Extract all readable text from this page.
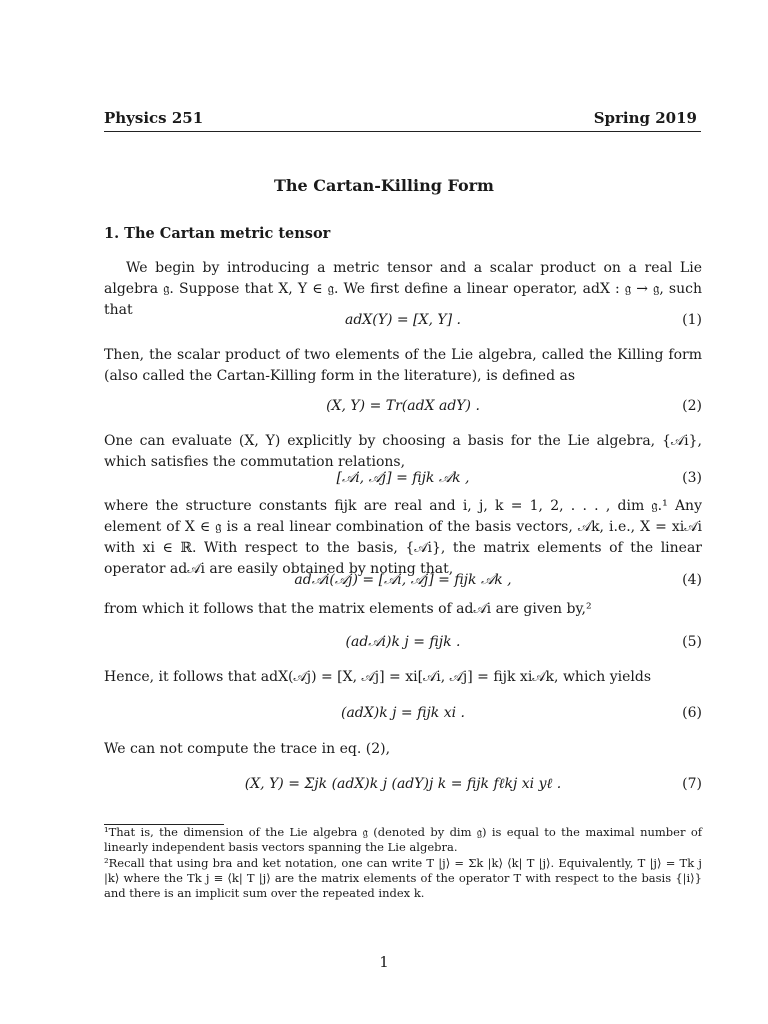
Physics 251	Spring 2019
The Cartan-Killing Form
1. The Cartan metric tensor
We begin by introducing a metric tensor and a scalar product on a real Lie algebra 𝔤. Suppose that X, Y ∈ 𝔤. We first define a linear operator, adX : 𝔤 → 𝔤, such that
adX(Y) = [X, Y] .	(1)
Then, the scalar product of two elements of the Lie algebra, called the Killing form (also called the Cartan-Killing form in the literature), is defined as
(X, Y) = Tr(adX adY) .	(2)
One can evaluate (X, Y) explicitly by choosing a basis for the Lie algebra, {𝒜i}, which satisfies the commutation relations,
[𝒜i, 𝒜j] = fijk 𝒜k ,	(3)
where the structure constants fijk are real and i, j, k = 1, 2, . . . , dim 𝔤.¹ Any element of X ∈ 𝔤 is a real linear combination of the basis vectors, 𝒜k, i.e., X = xi𝒜i with xi ∈ ℝ. With respect to the basis, {𝒜i}, the matrix elements of the linear operator ad𝒜i are easily obtained by noting that,
ad𝒜i(𝒜j) = [𝒜i, 𝒜j] = fijk 𝒜k ,	(4)
from which it follows that the matrix elements of ad𝒜i are given by,²
(ad𝒜i)k j = fijk .	(5)
Hence, it follows that adX(𝒜j) = [X, 𝒜j] = xi[𝒜i, 𝒜j] = fijk xi𝒜k, which yields
(adX)k j = fijk xi .	(6)
We can not compute the trace in eq. (2),
(X, Y) = Σjk (adX)k j (adY)j k = fijk fℓkj xi yℓ .	(7)
¹That is, the dimension of the Lie algebra 𝔤 (denoted by dim 𝔤) is equal to the maximal number of linearly independent basis vectors spanning the Lie algebra.
²Recall that using bra and ket notation, one can write T |j⟩ = Σk |k⟩ ⟨k| T |j⟩. Equivalently, T |j⟩ = Tk j |k⟩ where the Tk j ≡ ⟨k| T |j⟩ are the matrix elements of the operator T with respect to the basis {|i⟩} and there is an implicit sum over the repeated index k.
1
